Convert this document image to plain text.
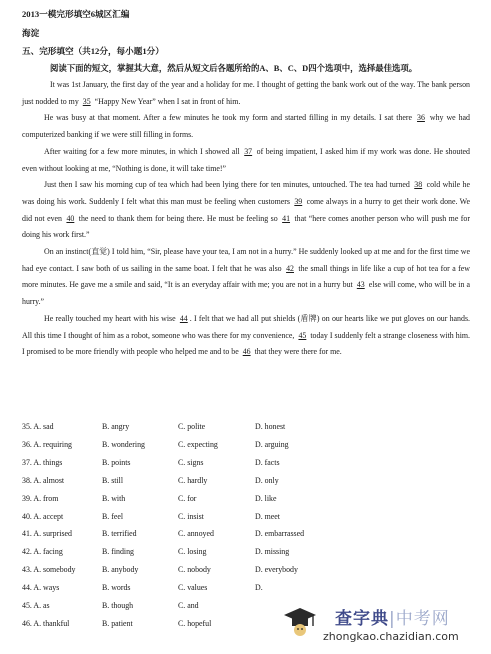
2013一模完形填空6城区汇编
海淀
五、完形填空（共12分，每小题1分）
阅读下面的短文，掌握其大意，然后从短文后各题所给的A、B、C、D四个选项中，选择最佳选项。

It was 1st January, the first day of the year and a holiday for me. I thought of getting the bank work out of the way. The bank person just nodded to my 35 “Happy New Year” when I sat in front of him.

He was busy at that moment. After a few minutes he took my form and started filling in my details. I sat there 36 why we had computerized banking if we were still filling in forms.

After waiting for a few more minutes, in which I showed all 37 of being impatient, I asked him if my work was done. He shouted even without looking at me, “Nothing is done, it will take time!”

Just then I saw his morning cup of tea which had been lying there for ten minutes, untouched. The tea had turned 38 cold while he was doing his work. Suddenly I felt what this man must be feeling when customers 39 come always in a hurry to get their work done. We did not even 40 the need to thank them for being there. He must be feeling so 41 that “here comes another person who will push me for doing his work first.”

On an instinct(直觉) I told him, “Sir, please have your tea, I am not in a hurry.” He suddenly looked up at me and for the first time we had eye contact. I saw both of us sailing in the same boat. I felt that he was also 42 the small things in life like a cup of hot tea for a few more minutes. He gave me a smile and said, “It is an everyday affair with me; you are not in a hurry but 43 else will come, who will be in a hurry.”

He really touched my heart with his wise 44 . I felt that we had all put shields (盾牌) on our hearts like we put gloves on our hands. All this time I thought of him as a robot, someone who was there for my convenience, 45 today I suddenly felt a strange closeness with him. I promised to be more friendly with people who helped me and to be 46 that they were there for me.

35. A. sad	B. angry	C. polite	D. honest
36. A. requiring	B. wondering	C. expecting	D. arguing
37. A. things	B. points	C. signs	D. facts
38. A. almost	B. still	C. hardly	D. only
39. A. from	B. with	C. for	D. like
40. A. accept	B. feel	C. insist	D. meet
41. A. surprised	B. terrified	C. annoyed	D. embarrassed
42. A. facing	B. finding	C. losing	D. missing
43. A. somebody	B. anybody	C. nobody	D. everybody
44. A. ways	B. words	C. values	D.
45. A. as	B. though	C. and
46. A. thankful	B. patient	C. hopeful	查字典|中考网
zhongkao.chazidian.com
